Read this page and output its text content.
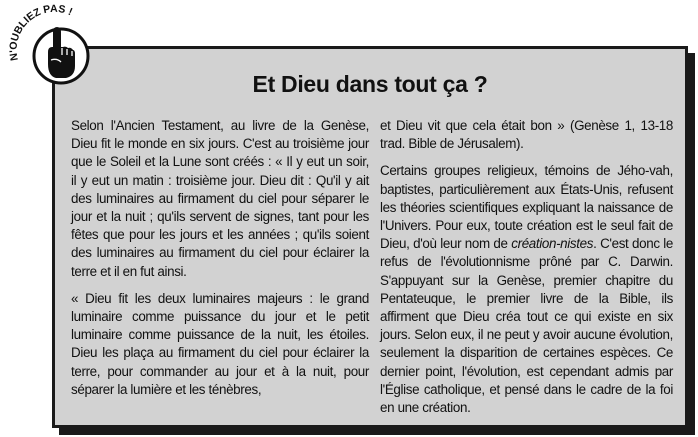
Et Dieu dans tout ça ?

Selon l'Ancien Testament, au livre de la Genèse, Dieu fit le monde en six jours. C'est au troisième jour que le Soleil et la Lune sont créés : « Il y eut un soir, il y eut un matin : troisième jour. Dieu dit : Qu'il y ait des luminaires au firmament du ciel pour séparer le jour et la nuit ; qu'ils servent de signes, tant pour les fêtes que pour les jours et les années ; qu'ils soient des luminaires au firmament du ciel pour éclairer la terre et il en fut ainsi.

« Dieu fit les deux luminaires majeurs : le grand luminaire comme puissance du jour et le petit luminaire comme puissance de la nuit, les étoiles. Dieu les plaça au firmament du ciel pour éclairer la terre, pour commander au jour et à la nuit, pour séparer la lumière et les ténèbres,

et Dieu vit que cela était bon » (Genèse 1, 13-18 trad. Bible de Jérusalem).

Certains groupes religieux, témoins de Jého-vah, baptistes, particulièrement aux États-Unis, refusent les théories scientifiques expliquant la naissance de l'Univers. Pour eux, toute création est le seul fait de Dieu, d'où leur nom de création-nistes. C'est donc le refus de l'évolutionnisme prôné par C. Darwin. S'appuyant sur la Genèse, premier chapitre du Pentateuque, le premier livre de la Bible, ils affirment que Dieu créa tout ce qui existe en six jours. Selon eux, il ne peut y avoir aucune évolution, seulement la disparition de certaines espèces. Ce dernier point, l'évolution, est cependant admis par l'Église catholique, et pensé dans le cadre de la foi en une création.

N'OUBLIEZ PAS !
